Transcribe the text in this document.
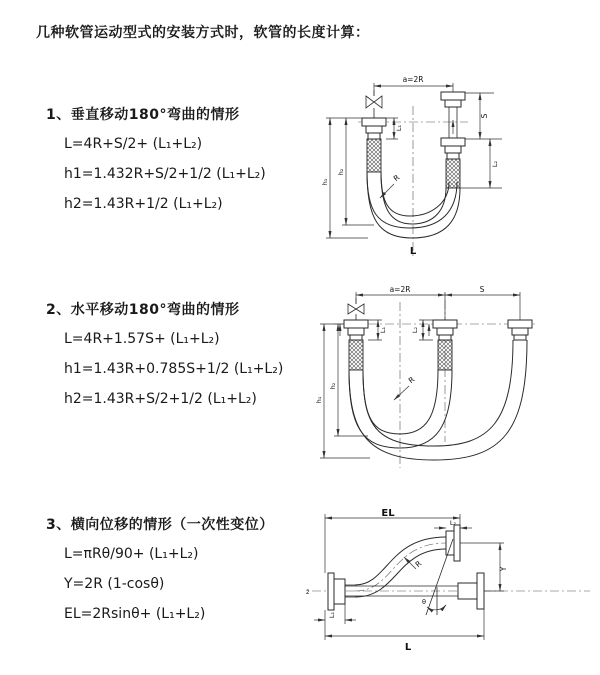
几种软管运动型式的安装方式时，软管的长度计算：
1、垂直移动180°弯曲的情形
L=4R+S/2+ (L₁+L₂)
h1=1.432R+S/2+1/2 (L₁+L₂)
h2=1.43R+1/2 (L₁+L₂)
2、水平移动180°弯曲的情形
L=4R+1.57S+ (L₁+L₂)
h1=1.43R+0.785S+1/2 (L₁+L₂)
h2=1.43R+S/2+1/2 (L₁+L₂)
3、横向位移的情形（一次性变位）
L=πRθ/90+ (L₁+L₂)
Y=2R (1-cosθ)
EL=2Rsinθ+ (L₁+L₂)
a=2R
S
L₂
L₁
h₁
h₂
R
L
a=2R	S
L₁	L₂
h₁
h₂
R
z̄
θ
EL
L₂
Y
R
L₁
L
